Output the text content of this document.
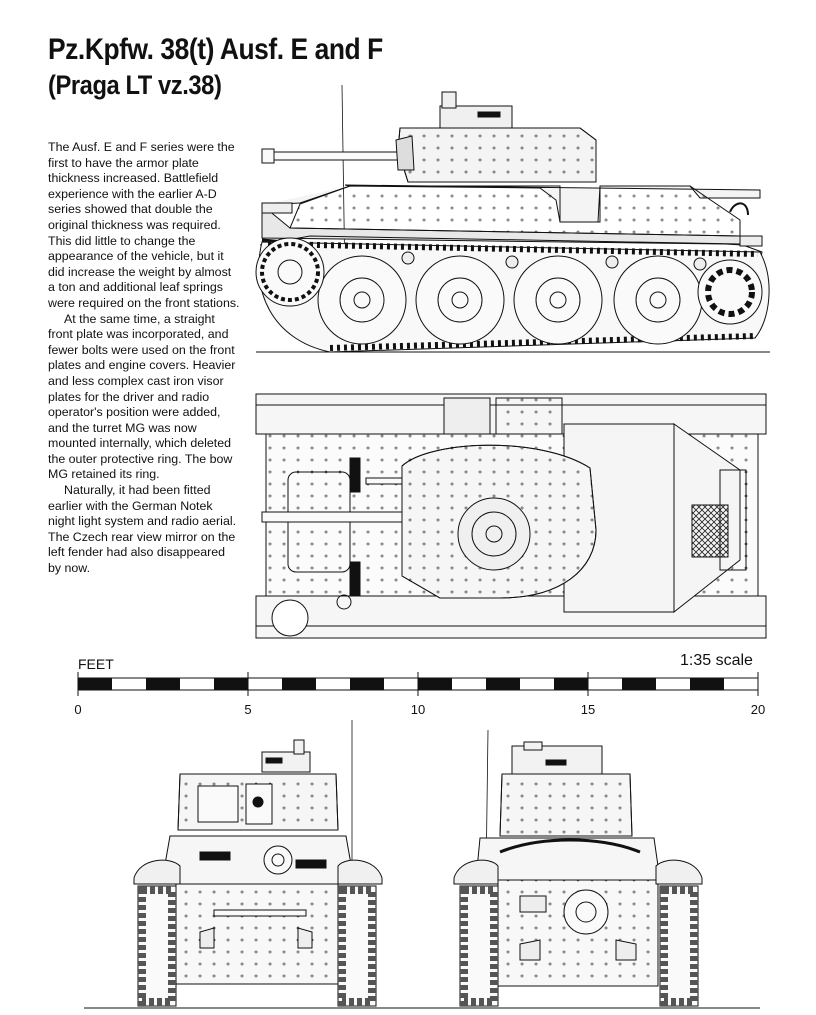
Pz.Kpfw. 38(t) Ausf. E and F
(Praga LT vz.38)

The Ausf. E and F series were the first to have the armor plate thickness increased. Battlefield experience with the earlier A-D series showed that double the original thickness was required. This did little to change the appearance of the vehicle, but it did increase the weight by almost a ton and additional leaf springs were required on the front stations.

At the same time, a straight front plate was incorporated, and fewer bolts were used on the front plates and engine covers. Heavier and less complex cast iron visor plates for the driver and radio operator's position were added, and the turret MG was now mounted internally, which deleted the outer protective ring. The bow MG retained its ring.

Naturally, it had been fitted earlier with the German Notek night light system and radio aerial. The Czech rear view mirror on the left fender had also disappeared by now.

FEET	1:35 scale
0	5	10	15	20
